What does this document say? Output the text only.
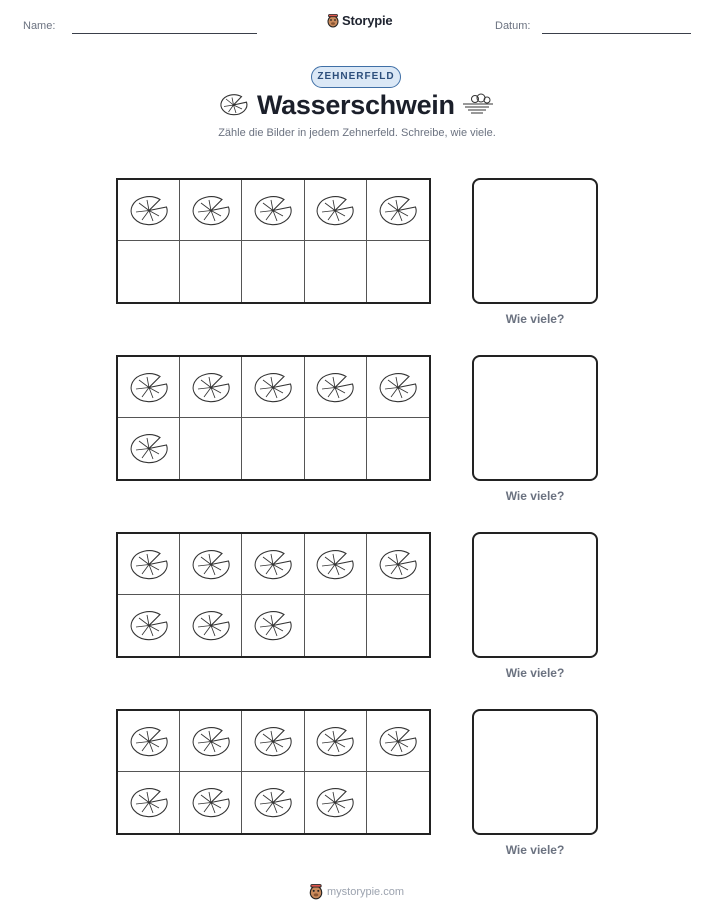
Name:	Storypie	Datum:
ZEHNERFELD
Wasserschwein
Zähle die Bilder in jedem Zehnerfeld. Schreibe, wie viele.
Wie viele?
Wie viele?
Wie viele?
Wie viele?
mystorypie.com
